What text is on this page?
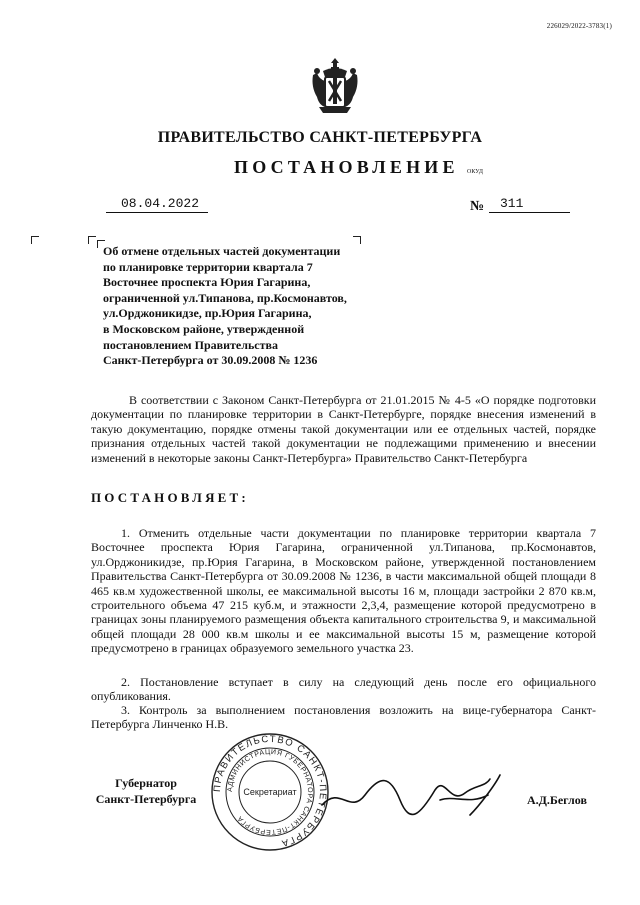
226029/2022-3783(1)
ПРАВИТЕЛЬСТВО САНКТ-ПЕТЕРБУРГА
ПОСТАНОВЛЕНИЕ ОКУД
08.04.2022	№ 311
Об отмене отдельных частей документации
по планировке территории квартала 7
Восточнее проспекта Юрия Гагарина,
ограниченной ул.Типанова, пр.Космонавтов,
ул.Орджоникидзе, пр.Юрия Гагарина,
в Московском районе, утвержденной
постановлением Правительства
Санкт-Петербурга от 30.09.2008 № 1236
В соответствии с Законом Санкт-Петербурга от 21.01.2015 № 4-5 «О порядке подготовки документации по планировке территории в Санкт-Петербурге, порядке внесения изменений в такую документацию, порядке отмены такой документации или ее отдельных частей, порядке признания отдельных частей такой документации не подлежащими применению и внесении изменений в некоторые законы Санкт-Петербурга» Правительство Санкт-Петербурга
ПОСТАНОВЛЯЕТ:
1. Отменить отдельные части документации по планировке территории квартала 7 Восточнее проспекта Юрия Гагарина, ограниченной ул.Типанова, пр.Космонавтов, ул.Орджоникидзе, пр.Юрия Гагарина, в Московском районе, утвержденной постановлением Правительства Санкт-Петербурга от 30.09.2008 № 1236, в части максимальной общей площади 8 465 кв.м художественной школы, ее максимальной высоты 16 м, площади застройки 2 870 кв.м, строительного объема 47 215 куб.м, и этажности 2,3,4, размещение которой предусмотрено в границах зоны планируемого размещения объекта капитального строительства 9, и максимальной общей площади 28 000 кв.м школы и ее максимальной высоты 15 м, размещение которой предусмотрено в границах образуемого земельного участка 23.
2. Постановление вступает в силу на следующий день после его официального опубликования.
3. Контроль за выполнением постановления возложить на вице-губернатора Санкт-Петербурга Линченко Н.В.
Губернатор
Санкт-Петербурга
ПРАВИТЕЛЬСТВО САНКТ-ПЕТЕРБУРГА
АДМИНИСТРАЦИЯ ГУБЕРНАТОРА САНКТ-ПЕТЕРБУРГА
Секретариат
А.Д.Беглов
